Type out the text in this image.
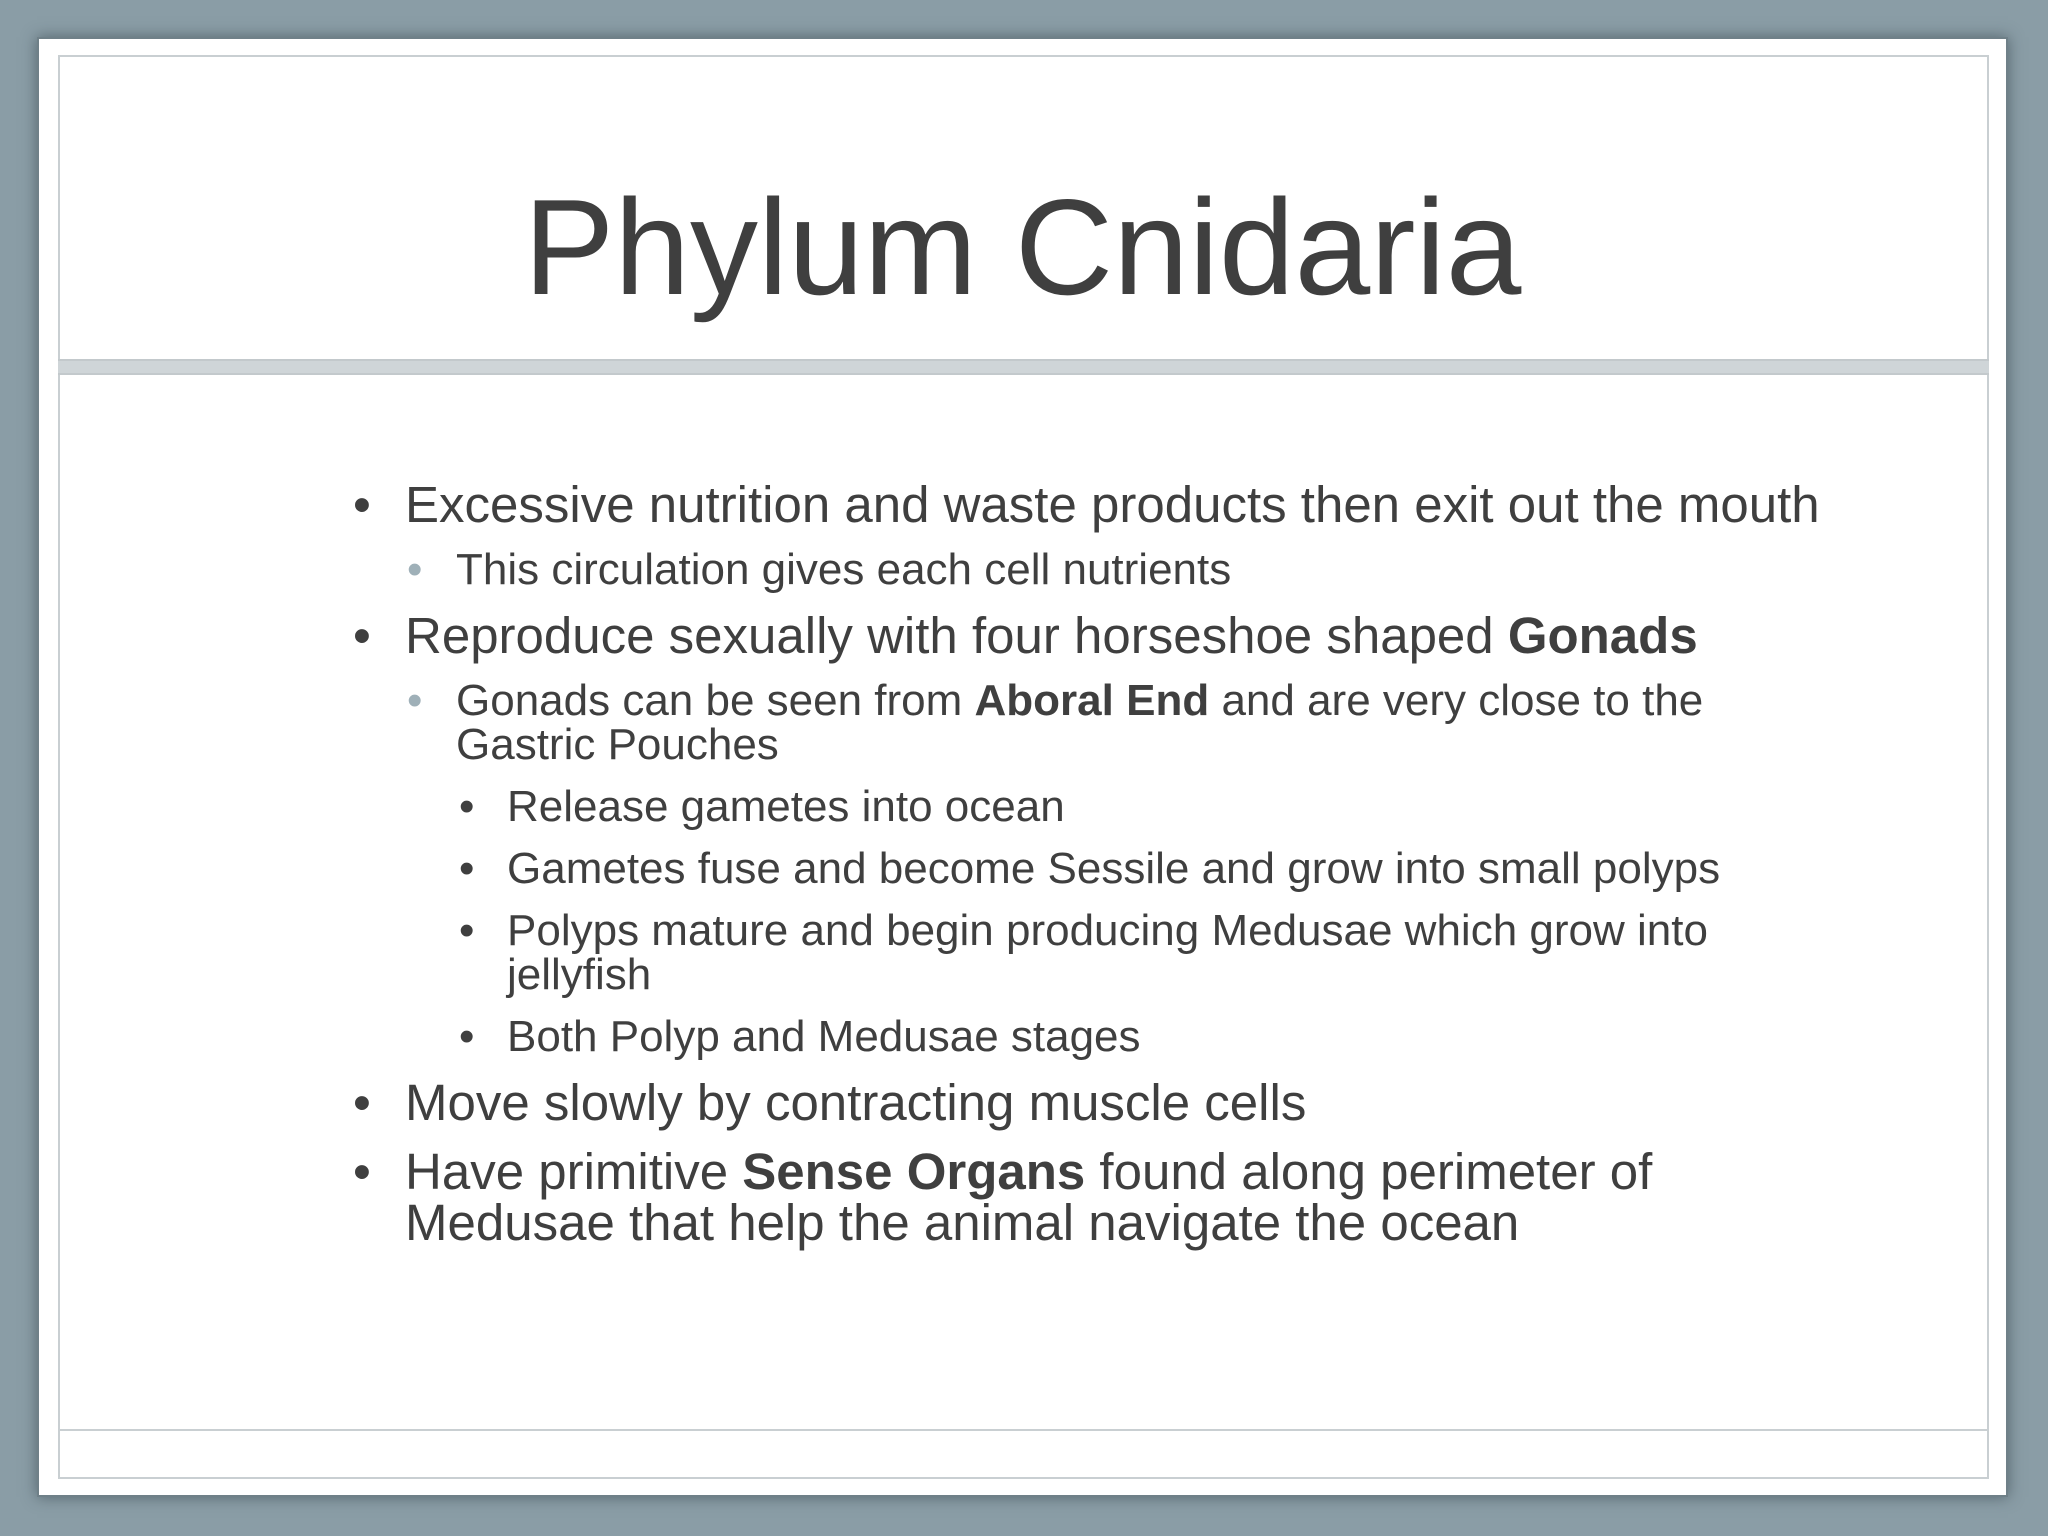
Phylum Cnidaria
• Excessive nutrition and waste products then exit out the mouth
• This circulation gives each cell nutrients
• Reproduce sexually with four horseshoe shaped Gonads
• Gonads can be seen from Aboral End and are very close to the Gastric Pouches
• Release gametes into ocean
• Gametes fuse and become Sessile and grow into small polyps
• Polyps mature and begin producing Medusae which grow into jellyfish
• Both Polyp and Medusae stages
• Move slowly by contracting muscle cells
• Have primitive Sense Organs found along perimeter of Medusae that help the animal navigate the ocean
